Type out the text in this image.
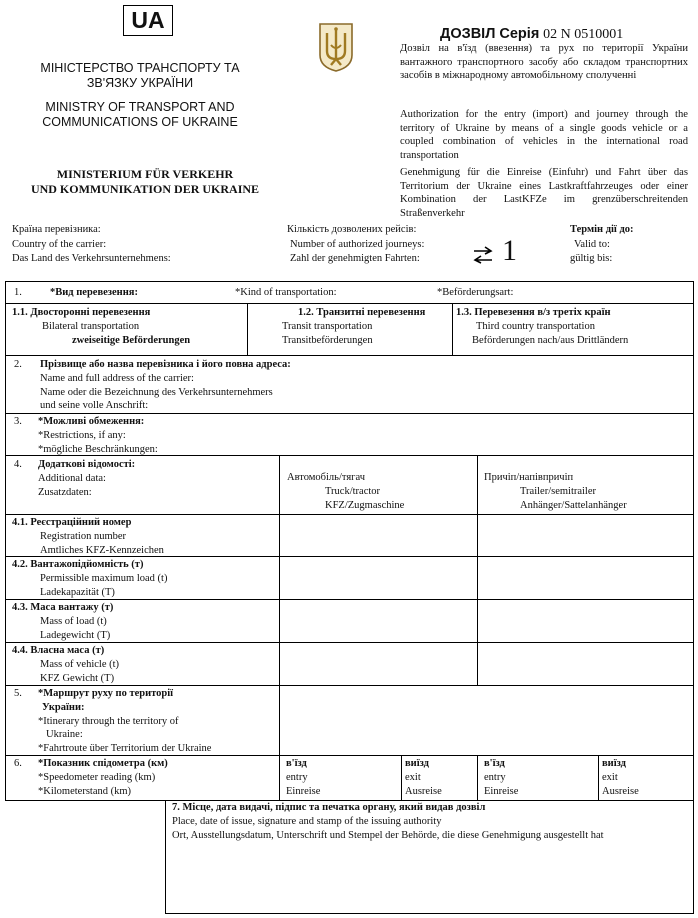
UA
МІНІСТЕРСТВО ТРАНСПОРТУ ТА
ЗВ'ЯЗКУ УКРАЇНИ
MINISTRY OF TRANSPORT AND
COMMUNICATIONS OF UKRAINE
MINISTERIUM FÜR VERKEHR
UND KOMMUNIKATION DER UKRAINE
ДОЗВІЛ Серія 02 N 0510001
Дозвіл на в'їзд (ввезення) та рух по території України вантажного транспортного засобу або складом транспортних засобів в міжнародному автомобільному сполученні
Authorization for the entry (import) and journey through the territory of Ukraine by means of a single goods vehicle or a coupled combination of vehicles in the international road transportation
Genehmigung für die Einreise (Einfuhr) und Fahrt über das Territorium der Ukraine eines Lastkraftfahrzeuges oder einer Kombination der LastKFZe im grenzüberschreitenden Straßenverkehr
Країна перевізника:
Country of the carrier:
Das Land des Verkehrsunternehmens:
Кількість дозволених рейсів:
Number of authorized journeys:
Zahl der genehmigten Fahrten:	1
Термін дії до:
Valid to:
gültig bis:
1.	*Вид перевезення:	*Kind of transportation:	*Beförderungsart:
1.1. Двосторонні перевезення
Bilateral transportation
zweiseitige Beförderungen
1.2. Транзитні перевезення
Transit transportation
Transitbeförderungen
1.3. Перевезення в/з третіх країн
Third country transportation
Beförderungen nach/aus Drittländern
2. Прізвище або назва перевізника і його повна адреса:
Name and full address of the carrier:
Name oder die Bezeichnung des Verkehrsunternehmers
und seine volle Anschrift:
3. *Можливі обмеження:
*Restrictions, if any:
*mögliche Beschränkungen:
4. Додаткові відомості:
Additional data:
Zusatzdaten:
Автомобіль/тягач
Truck/tractor
KFZ/Zugmaschine
Причіп/напівпричіп
Trailer/semitrailer
Anhänger/Sattelanhänger
4.1. Реєстраційний номер
Registration number
Amtliches KFZ-Kennzeichen
4.2. Вантажопідйомність (т)
Permissible maximum load (t)
Ladekapazität (T)
4.3. Маса вантажу (т)
Mass of load (t)
Ladegewicht (T)
4.4. Власна маса (т)
Mass of vehicle (t)
KFZ Gewicht (T)
5. *Маршрут руху по території
України:
*Itinerary through the territory of
Ukraine:
*Fahrtroute über Territorium der Ukraine
6. *Показник спідометра (км)
*Speedometer reading (km)
*Kilometerstand (km)
в'їзд
entry
Einreise
виїзд
exit
Ausreise
в'їзд
entry
Einreise
виїзд
exit
Ausreise
7. Місце, дата видачі, підпис та печатка органу, який видав дозвіл
Place, date of issue, signature and stamp of the issuing authority
Ort, Ausstellungsdatum, Unterschrift und Stempel der Behörde, die diese Genehmigung ausgestellt hat
